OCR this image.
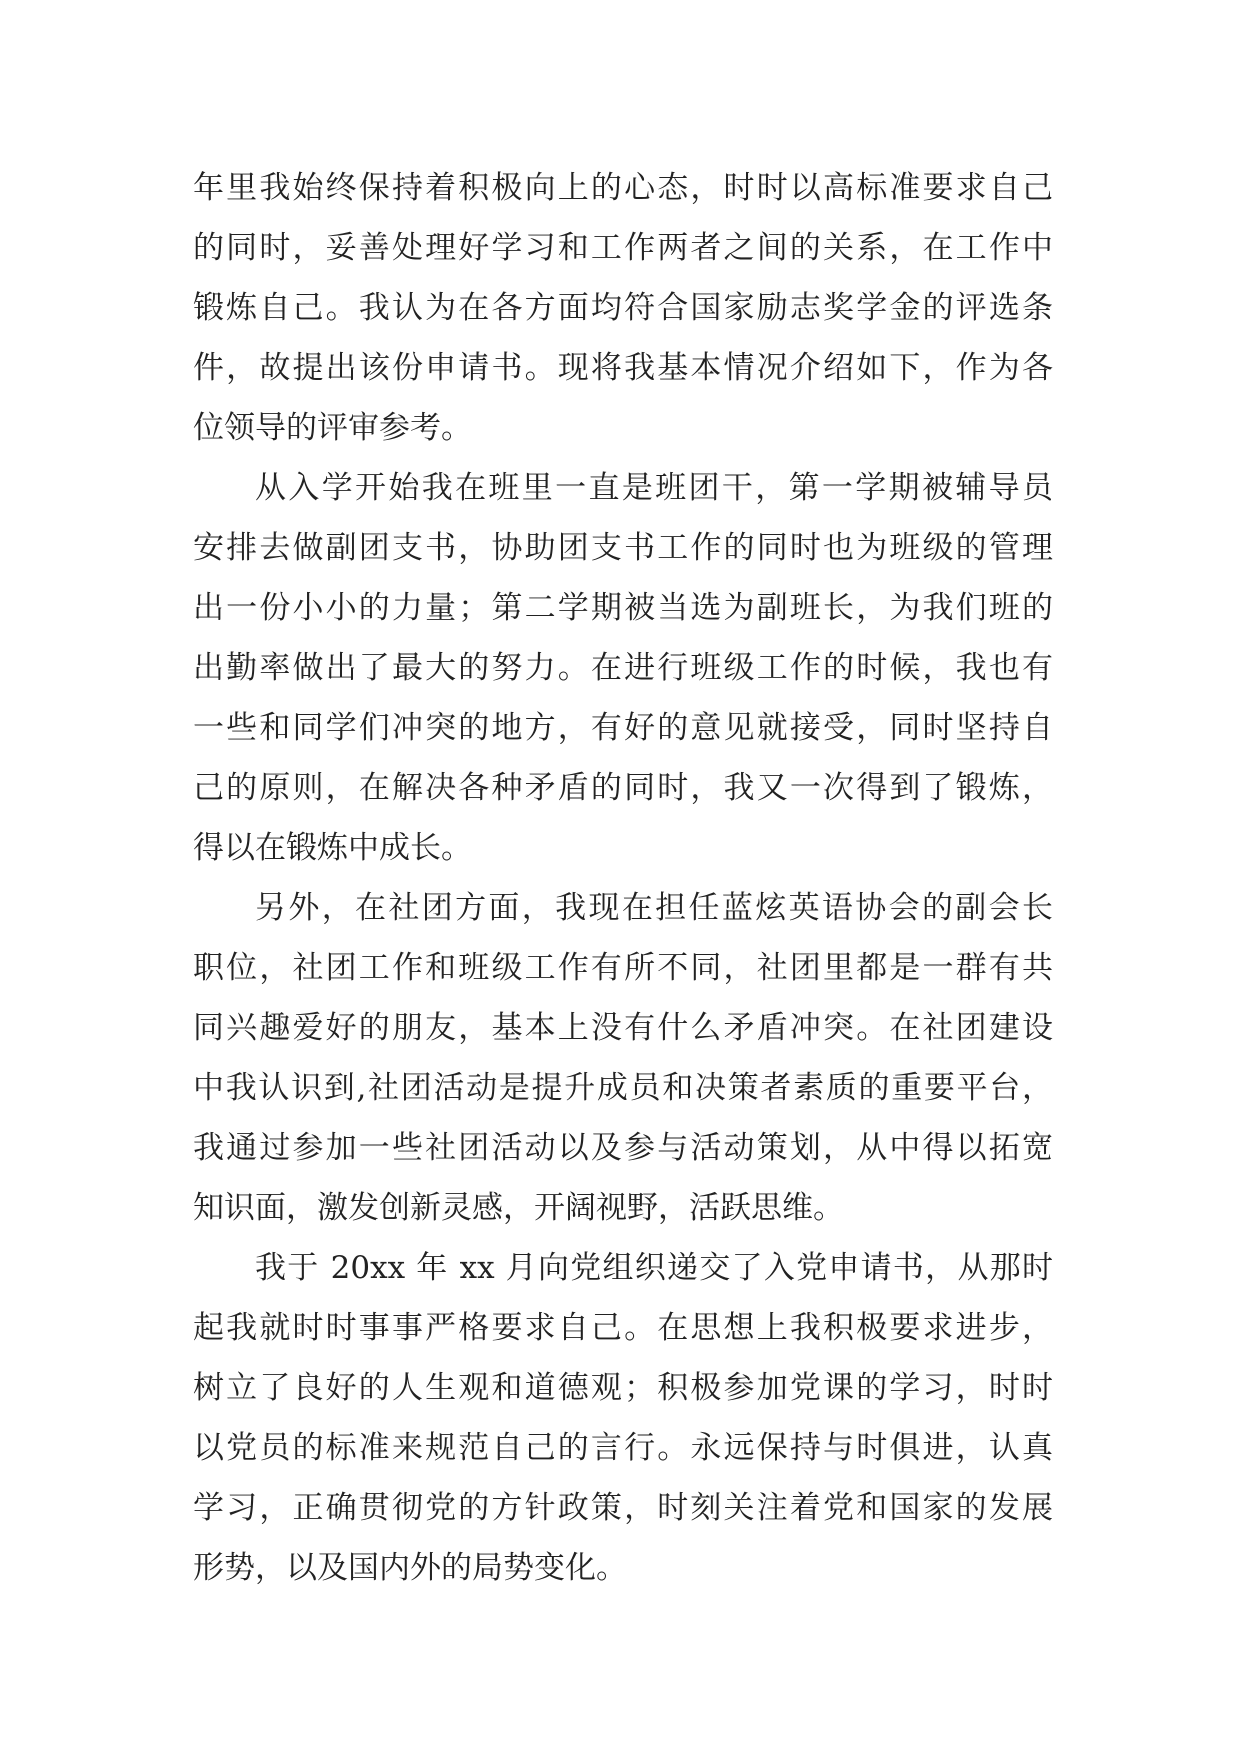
年里我始终保持着积极向上的心态，时时以高标准要求自己
的同时，妥善处理好学习和工作两者之间的关系，在工作中
锻炼自己。我认为在各方面均符合国家励志奖学金的评选条
件，故提出该份申请书。现将我基本情况介绍如下，作为各
位领导的评审参考。
从入学开始我在班里一直是班团干，第一学期被辅导员
安排去做副团支书，协助团支书工作的同时也为班级的管理
出一份小小的力量；第二学期被当选为副班长，为我们班的
出勤率做出了最大的努力。在进行班级工作的时候，我也有
一些和同学们冲突的地方，有好的意见就接受，同时坚持自
己的原则，在解决各种矛盾的同时，我又一次得到了锻炼，
得以在锻炼中成长。
另外，在社团方面，我现在担任蓝炫英语协会的副会长
职位，社团工作和班级工作有所不同，社团里都是一群有共
同兴趣爱好的朋友，基本上没有什么矛盾冲突。在社团建设
中我认识到,社团活动是提升成员和决策者素质的重要平台，
我通过参加一些社团活动以及参与活动策划，从中得以拓宽
知识面，激发创新灵感，开阔视野，活跃思维。
我于 20xx 年 xx 月向党组织递交了入党申请书，从那时
起我就时时事事严格要求自己。在思想上我积极要求进步，
树立了良好的人生观和道德观；积极参加党课的学习，时时
以党员的标准来规范自己的言行。永远保持与时俱进，认真
学习，正确贯彻党的方针政策，时刻关注着党和国家的发展
形势，以及国内外的局势变化。
